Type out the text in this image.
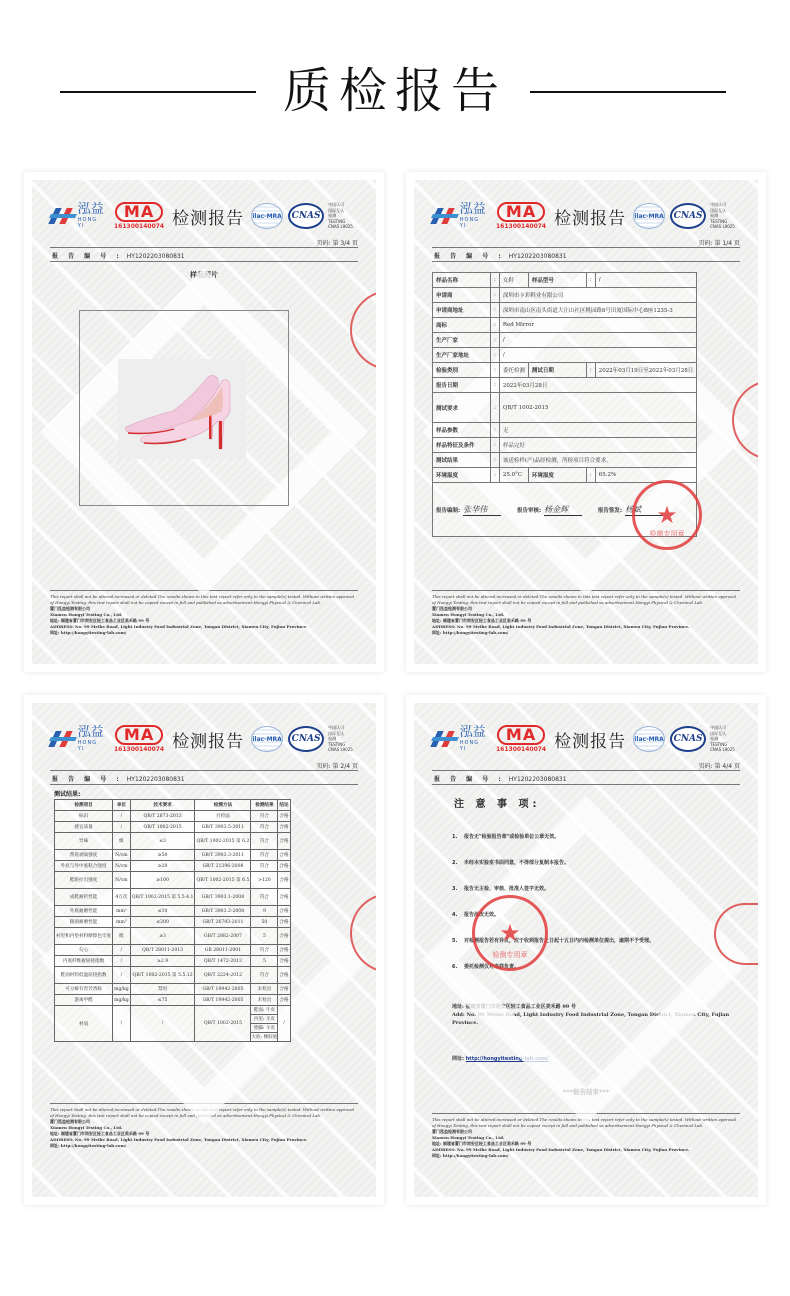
质检报告
泓益
HONG YI
MA
161300140074 检测报告 ilac-MRA	CNAS
中国认可
国际互认
检测
TESTING
CNAS L9025
页码: 第 3/4 页
报 告 编 号 : HY1202203080831
样品照片
This report shall not be altered,increased or deleted.The results shown in this test report refer only to the sample(s) tested. Without written approval of Hongyi Testing, this test report shall not be copied except in full and published as advertisement.Hongyi Physical & Chemical Lab.
厦门泓益检测有限公司
Xiamen Hongyi Testing Co., Ltd.
地址: 福建省厦门市同安区轻工食品工业区美禾路 99 号
ADDRESS: No. 99 Meihe Road, Light Industry Food Industrial Zone, Tongan District, Xiamen City, Fujian Province.
网址: http://hongyitesting-lab.com/
泓益
HONG YI
MA
161300140074 检测报告 ilac-MRA	CNAS
中国认可
国际互认
检测
TESTING
CNAS L9025
页码: 第 1/4 页
报 告 编 号 : HY1202203080831
样品名称	:	女鞋	样品型号	:	/
申请商	:	深圳市卡彩鞋业有限公司			
申请商地址	:	深圳市南山区南头街道大汪山社区桃园路8号田厦国际中心B座1235-3			
商标	:	Red Mirror			
生产厂家	:	/			
生产厂家地址	:	/			
检验类别	:	委托检测	测试日期	:	2022年03月19日至2022年03月28日
报告日期	:	2022年03月28日			
测试要求	:	QB/T 1002-2015			
样品参数	:	无			
样品特征及条件	:	样品完好			
测试结果	:	该送检样(产)品经检测，所检项目符合要求。			
环境温度	:	25.0°C	环境湿度	:	65.2%
报告编制: 张华伟 报告审核: 杨金辉 报告签发: 杨斌					★
检测专用章
This report shall not be altered,increased or deleted.The results shown in this test report refer only to the sample(s) tested. Without written approval of Hongyi Testing, this test report shall not be copied except in full and published as advertisement.Hongyi Physical & Chemical Lab.
厦门泓益检测有限公司
Xiamen Hongyi Testing Co., Ltd.
地址: 福建省厦门市同安区轻工食品工业区美禾路 99 号
ADDRESS: No. 99 Meihe Road, Light Industry Food Industrial Zone, Tongan District, Xiamen City, Fujian Province.
网址: http://hongyitesting-lab.com/
泓益
HONG YI
MA
161300140074 检测报告 ilac-MRA	CNAS
中国认可
国际互认
检测
TESTING
CNAS L9025
页码: 第 2/4 页
报 告 编 号 : HY1202203080831
测试结果:
检测项目	单位	技术要求	检测方法	检测结果	结论
标识	/	QB/T 2673-2013	目检法	符合	合格
感官质量	/	QB/T 1002-2015	GB/T 3903.5-2011	符合	合格
异味	级	≤3	QB/T 1002-2015 第 6.2	符合	合格
帮底剥离强度	N/cm	≥50	GB/T 3903.3-2011	符合	合格
外底与外中底粘合强度	N/cm	≥20	GB/T 21396-2008	符合	合格
鞋跟拉出强度	N/cm	≥100	QB/T 1002-2015 第 6.5	>120	合格
成鞋耐折性能	4万次	QB/T 1002-2015 第 5.5.4.1	GB/T 3903.1-2008	符合	合格
外底耐磨性能	mm³	≤10	GB/T 3903.2-2008	9	合格
跟面耐磨性能	mm³	≤200	GB/T 26703-2011	50	合格
衬里和内垫材料摩擦色牢度	级	≥3	GB/T 2882-2007	5	合格
勾心	/	QB/T 28011-2013	GB 28011-2001	符合	合格
内底纤维板屈挠指数	/	≥2.9	QB/T 1472-2013	5	合格
鞋面材料低温屈挠指数	/	QB/T 1002-2015 第 5.5.12	QB/T 2224-2012	符合	合格
可分解有害芳香胺	mg/kg	禁用	GB/T 19942-2005	未检出	合格
游离甲醛	mg/kg	≤75	GB/T 19942-2005	未检出	合格
材质	/	/	QB/T 1002-2015	鞋面: 牛皮
内里: 羊皮
垫脚: 羊皮
大底: 橡胶底	/
This report shall not be altered,increased or deleted.The results shown in this test report refer only to the sample(s) tested. Without written approval of Hongyi Testing, this test report shall not be copied except in full and published as advertisement.Hongyi Physical & Chemical Lab.
厦门泓益检测有限公司
Xiamen Hongyi Testing Co., Ltd.
地址: 福建省厦门市同安区轻工食品工业区美禾路 99 号
ADDRESS: No. 99 Meihe Road, Light Industry Food Industrial Zone, Tongan District, Xiamen City, Fujian Province.
网址: http://hongyitesting-lab.com/
泓益
HONG YI
MA
161300140074 检测报告 ilac-MRA	CNAS
中国认可
国际互认
检测
TESTING
CNAS L9025
页码: 第 4/4 页
报 告 编 号 : HY1202203080831
注 意 事 项:
1. 报告无"检验报告章"或检验单位公章无效。
2. 未经本实验室书面同意，不得部分复制本报告。
3. 报告无主检、审核、批准人签字无效。
4. 报告涂改无效。
5. 对检测报告若有异议，应于收到报告之日起十五日内向检测单位提出，逾期不予受理。
6. 委托检测仅对来样负责。
★
检测专用章
地址: 福建省厦门市同安区轻工食品工业区美禾路 99 号
Add: No. 99 Meihe Road, Light Industry Food Industrial Zone, Tongan District, Xiamen City, Fujian Province.
网址: http://hongyitesting-lab.com/
***报告结束***
This report shall not be altered,increased or deleted.The results shown in this test report refer only to the sample(s) tested. Without written approval of Hongyi Testing, this test report shall not be copied except in full and published as advertisement.Hongyi Physical & Chemical Lab.
厦门泓益检测有限公司
Xiamen Hongyi Testing Co., Ltd.
地址: 福建省厦门市同安区轻工食品工业区美禾路 99 号
ADDRESS: No. 99 Meihe Road, Light Industry Food Industrial Zone, Tongan District, Xiamen City, Fujian Province.
网址: http://hongyitesting-lab.com/
